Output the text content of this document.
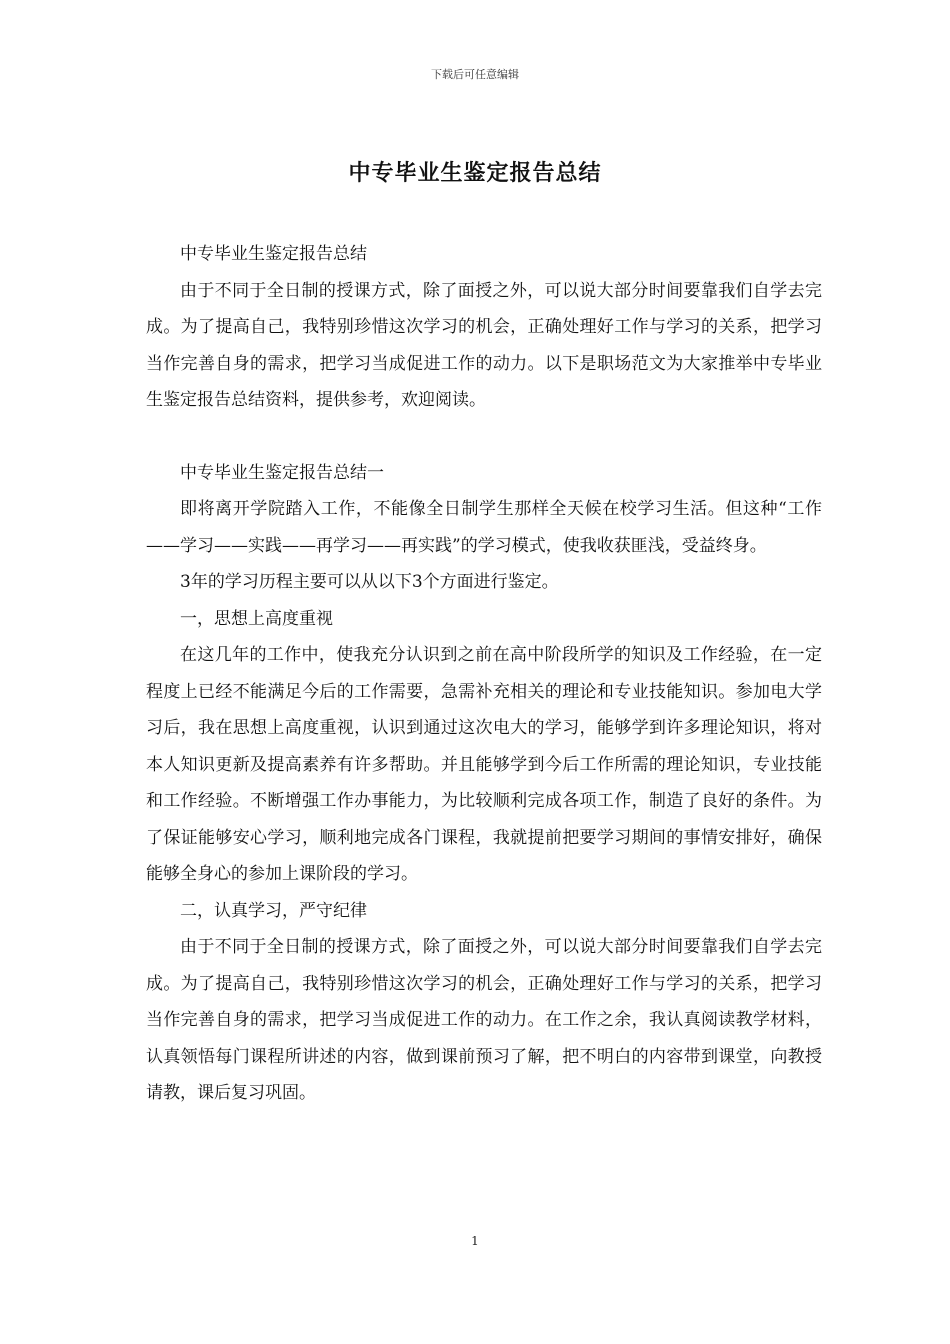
下载后可任意编辑
中专毕业生鉴定报告总结

中专毕业生鉴定报告总结

由于不同于全日制的授课方式，除了面授之外，可以说大部分时间要靠我们自学去完成。为了提高自己，我特别珍惜这次学习的机会，正确处理好工作与学习的关系，把学习当作完善自身的需求，把学习当成促进工作的动力。以下是职场范文为大家推举中专毕业生鉴定报告总结资料，提供参考，欢迎阅读。

中专毕业生鉴定报告总结一

即将离开学院踏入工作，不能像全日制学生那样全天候在校学习生活。但这种“工作——学习——实践——再学习——再实践”的学习模式，使我收获匪浅，受益终身。

3年的学习历程主要可以从以下3个方面进行鉴定。

一，思想上高度重视

在这几年的工作中，使我充分认识到之前在高中阶段所学的知识及工作经验，在一定程度上已经不能满足今后的工作需要，急需补充相关的理论和专业技能知识。参加电大学习后，我在思想上高度重视，认识到通过这次电大的学习，能够学到许多理论知识，将对本人知识更新及提高素养有许多帮助。并且能够学到今后工作所需的理论知识，专业技能和工作经验。不断增强工作办事能力，为比较顺利完成各项工作，制造了良好的条件。为了保证能够安心学习，顺利地完成各门课程，我就提前把要学习期间的事情安排好，确保能够全身心的参加上课阶段的学习。

二，认真学习，严守纪律

由于不同于全日制的授课方式，除了面授之外，可以说大部分时间要靠我们自学去完成。为了提高自己，我特别珍惜这次学习的机会，正确处理好工作与学习的关系，把学习当作完善自身的需求，把学习当成促进工作的动力。在工作之余，我认真阅读教学材料，认真领悟每门课程所讲述的内容，做到课前预习了解，把不明白的内容带到课堂，向教授请教，课后复习巩固。

1
